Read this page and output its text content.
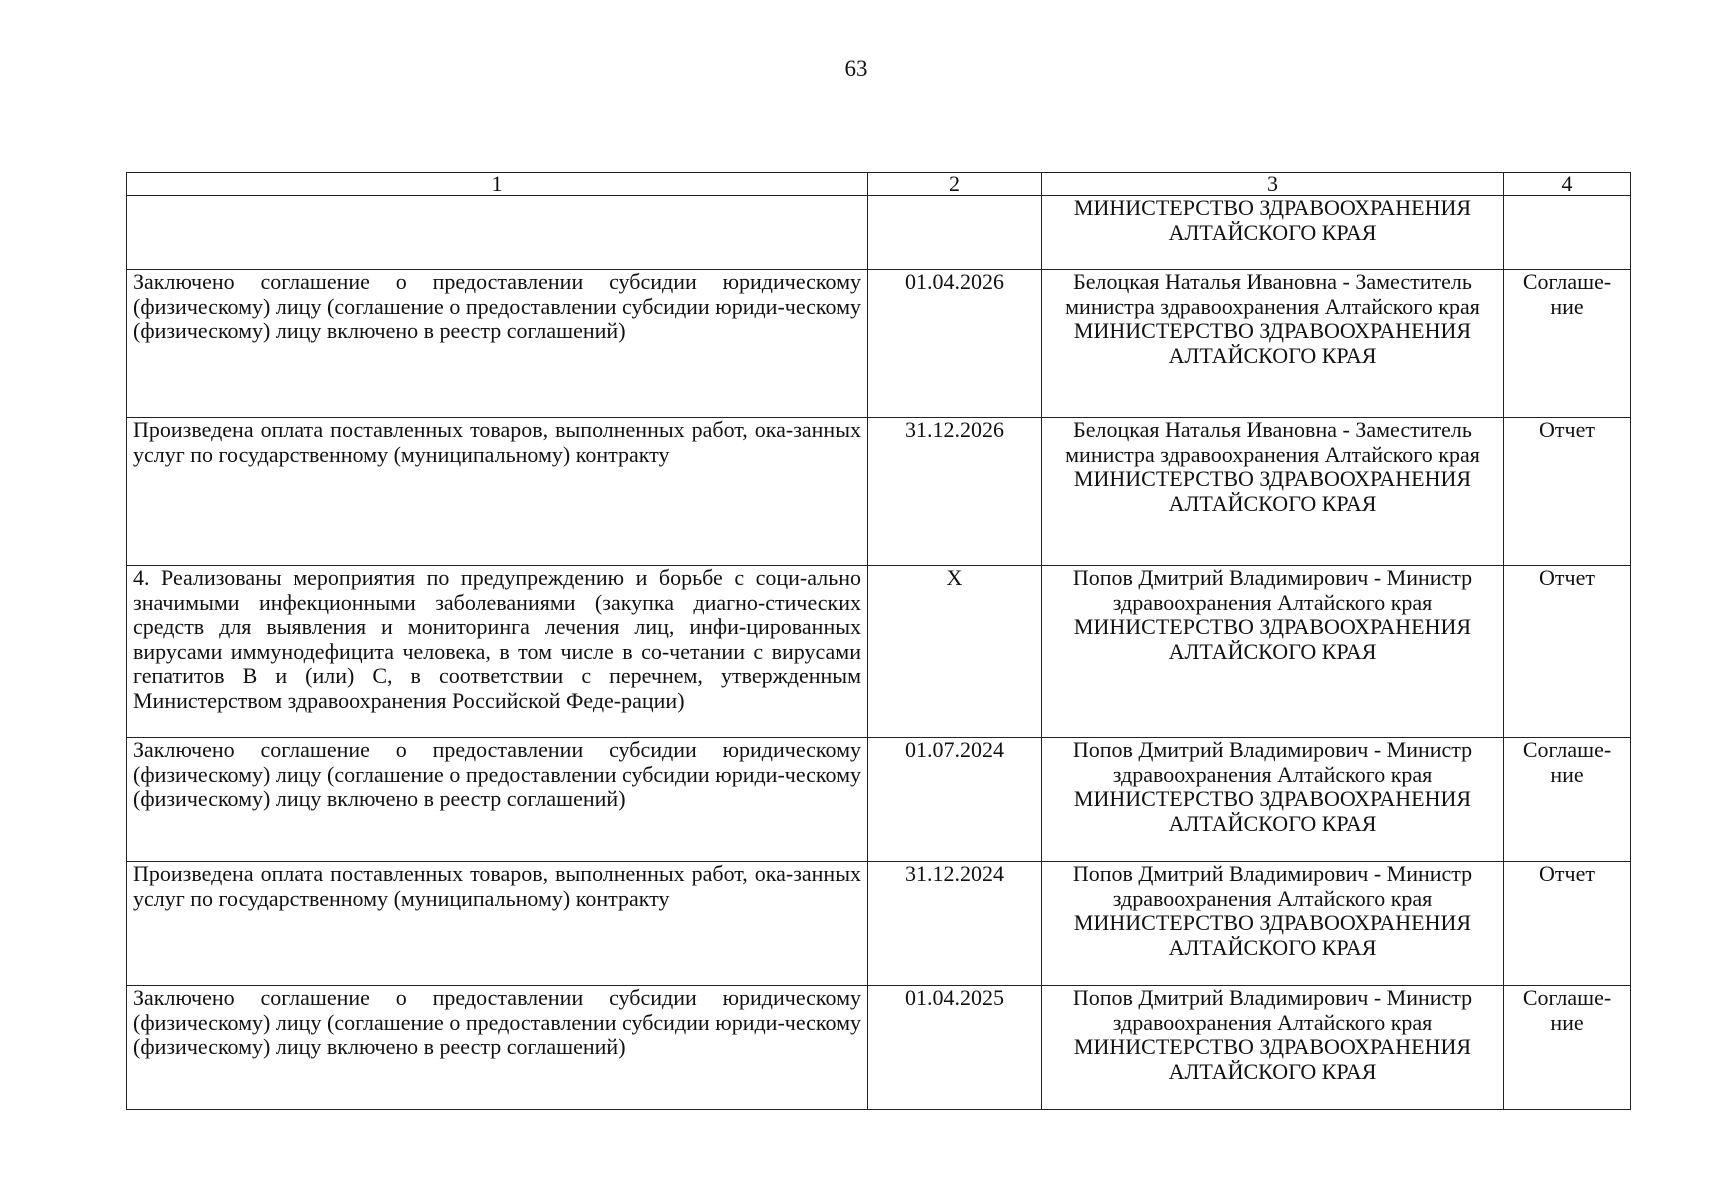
63
1	2	3	4

		МИНИСТЕРСТВО ЗДРАВООХРАНЕНИЯ АЛТАЙСКОГО КРАЯ	

Заключено соглашение о предоставлении субсидии юридическому (физическому) лицу (соглашение о предоставлении субсидии юриди-ческому (физическому) лицу включено в реестр соглашений)	01.04.2026	Белоцкая Наталья Ивановна - Заместитель министра здравоохранения Алтайского края
МИНИСТЕРСТВО ЗДРАВООХРАНЕНИЯ АЛТАЙСКОГО КРАЯ	Соглаше-ние
Произведена оплата поставленных товаров, выполненных работ, ока-занных услуг по государственному (муниципальному) контракту	31.12.2026	Белоцкая Наталья Ивановна - Заместитель министра здравоохранения Алтайского края
МИНИСТЕРСТВО ЗДРАВООХРАНЕНИЯ АЛТАЙСКОГО КРАЯ	Отчет
4. Реализованы мероприятия по предупреждению и борьбе с соци-ально значимыми инфекционными заболеваниями (закупка диагно-стических средств для выявления и мониторинга лечения лиц, инфи-цированных вирусами иммунодефицита человека, в том числе в со-четании с вирусами гепатитов B и (или) C, в соответствии с перечнем, утвержденным Министерством здравоохранения Российской Феде-рации)	X	Попов Дмитрий Владимирович - Министр здравоохранения Алтайского края
МИНИСТЕРСТВО ЗДРАВООХРАНЕНИЯ АЛТАЙСКОГО КРАЯ	Отчет
Заключено соглашение о предоставлении субсидии юридическому (физическому) лицу (соглашение о предоставлении субсидии юриди-ческому (физическому) лицу включено в реестр соглашений)	01.07.2024	Попов Дмитрий Владимирович - Министр здравоохранения Алтайского края
МИНИСТЕРСТВО ЗДРАВООХРАНЕНИЯ АЛТАЙСКОГО КРАЯ	Соглаше-ние
Произведена оплата поставленных товаров, выполненных работ, ока-занных услуг по государственному (муниципальному) контракту	31.12.2024	Попов Дмитрий Владимирович - Министр здравоохранения Алтайского края
МИНИСТЕРСТВО ЗДРАВООХРАНЕНИЯ АЛТАЙСКОГО КРАЯ	Отчет
Заключено соглашение о предоставлении субсидии юридическому (физическому) лицу (соглашение о предоставлении субсидии юриди-ческому (физическому) лицу включено в реестр соглашений)	01.04.2025	Попов Дмитрий Владимирович - Министр здравоохранения Алтайского края
МИНИСТЕРСТВО ЗДРАВООХРАНЕНИЯ АЛТАЙСКОГО КРАЯ	Соглаше-ние
